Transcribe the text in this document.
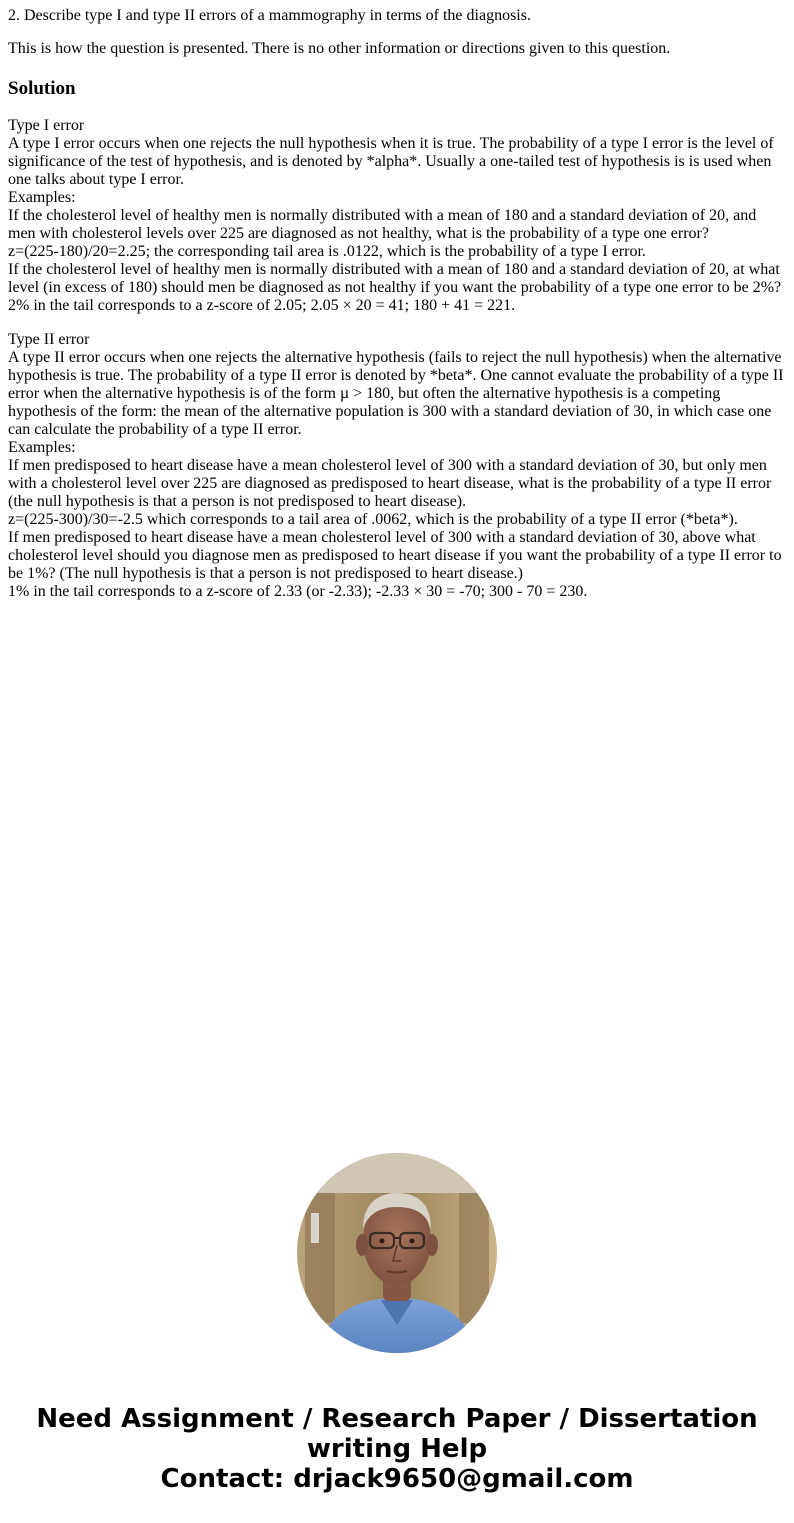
2. Describe type I and type II errors of a mammography in terms of the diagnosis.

This is how the question is presented. There is no other information or directions given to this question.

Solution
Type I error
A type I error occurs when one rejects the null hypothesis when it is true. The probability of a type I error is the level of significance of the test of hypothesis, and is denoted by *alpha*. Usually a one-tailed test of hypothesis is is used when one talks about type I error.
Examples:
If the cholesterol level of healthy men is normally distributed with a mean of 180 and a standard deviation of 20, and men with cholesterol levels over 225 are diagnosed as not healthy, what is the probability of a type one error?
z=(225-180)/20=2.25; the corresponding tail area is .0122, which is the probability of a type I error.
If the cholesterol level of healthy men is normally distributed with a mean of 180 and a standard deviation of 20, at what level (in excess of 180) should men be diagnosed as not healthy if you want the probability of a type one error to be 2%?
2% in the tail corresponds to a z-score of 2.05; 2.05 × 20 = 41; 180 + 41 = 221.
Type II error
A type II error occurs when one rejects the alternative hypothesis (fails to reject the null hypothesis) when the alternative hypothesis is true. The probability of a type II error is denoted by *beta*. One cannot evaluate the probability of a type II error when the alternative hypothesis is of the form µ > 180, but often the alternative hypothesis is a competing hypothesis of the form: the mean of the alternative population is 300 with a standard deviation of 30, in which case one can calculate the probability of a type II error.
Examples:
If men predisposed to heart disease have a mean cholesterol level of 300 with a standard deviation of 30, but only men with a cholesterol level over 225 are diagnosed as predisposed to heart disease, what is the probability of a type II error (the null hypothesis is that a person is not predisposed to heart disease).
z=(225-300)/30=-2.5 which corresponds to a tail area of .0062, which is the probability of a type II error (*beta*).
If men predisposed to heart disease have a mean cholesterol level of 300 with a standard deviation of 30, above what cholesterol level should you diagnose men as predisposed to heart disease if you want the probability of a type II error to be 1%? (The null hypothesis is that a person is not predisposed to heart disease.)
1% in the tail corresponds to a z-score of 2.33 (or -2.33); -2.33 × 30 = -70; 300 - 70 = 230.
Need Assignment / Research Paper / Dissertation
writing Help
Contact: drjack9650@gmail.com
